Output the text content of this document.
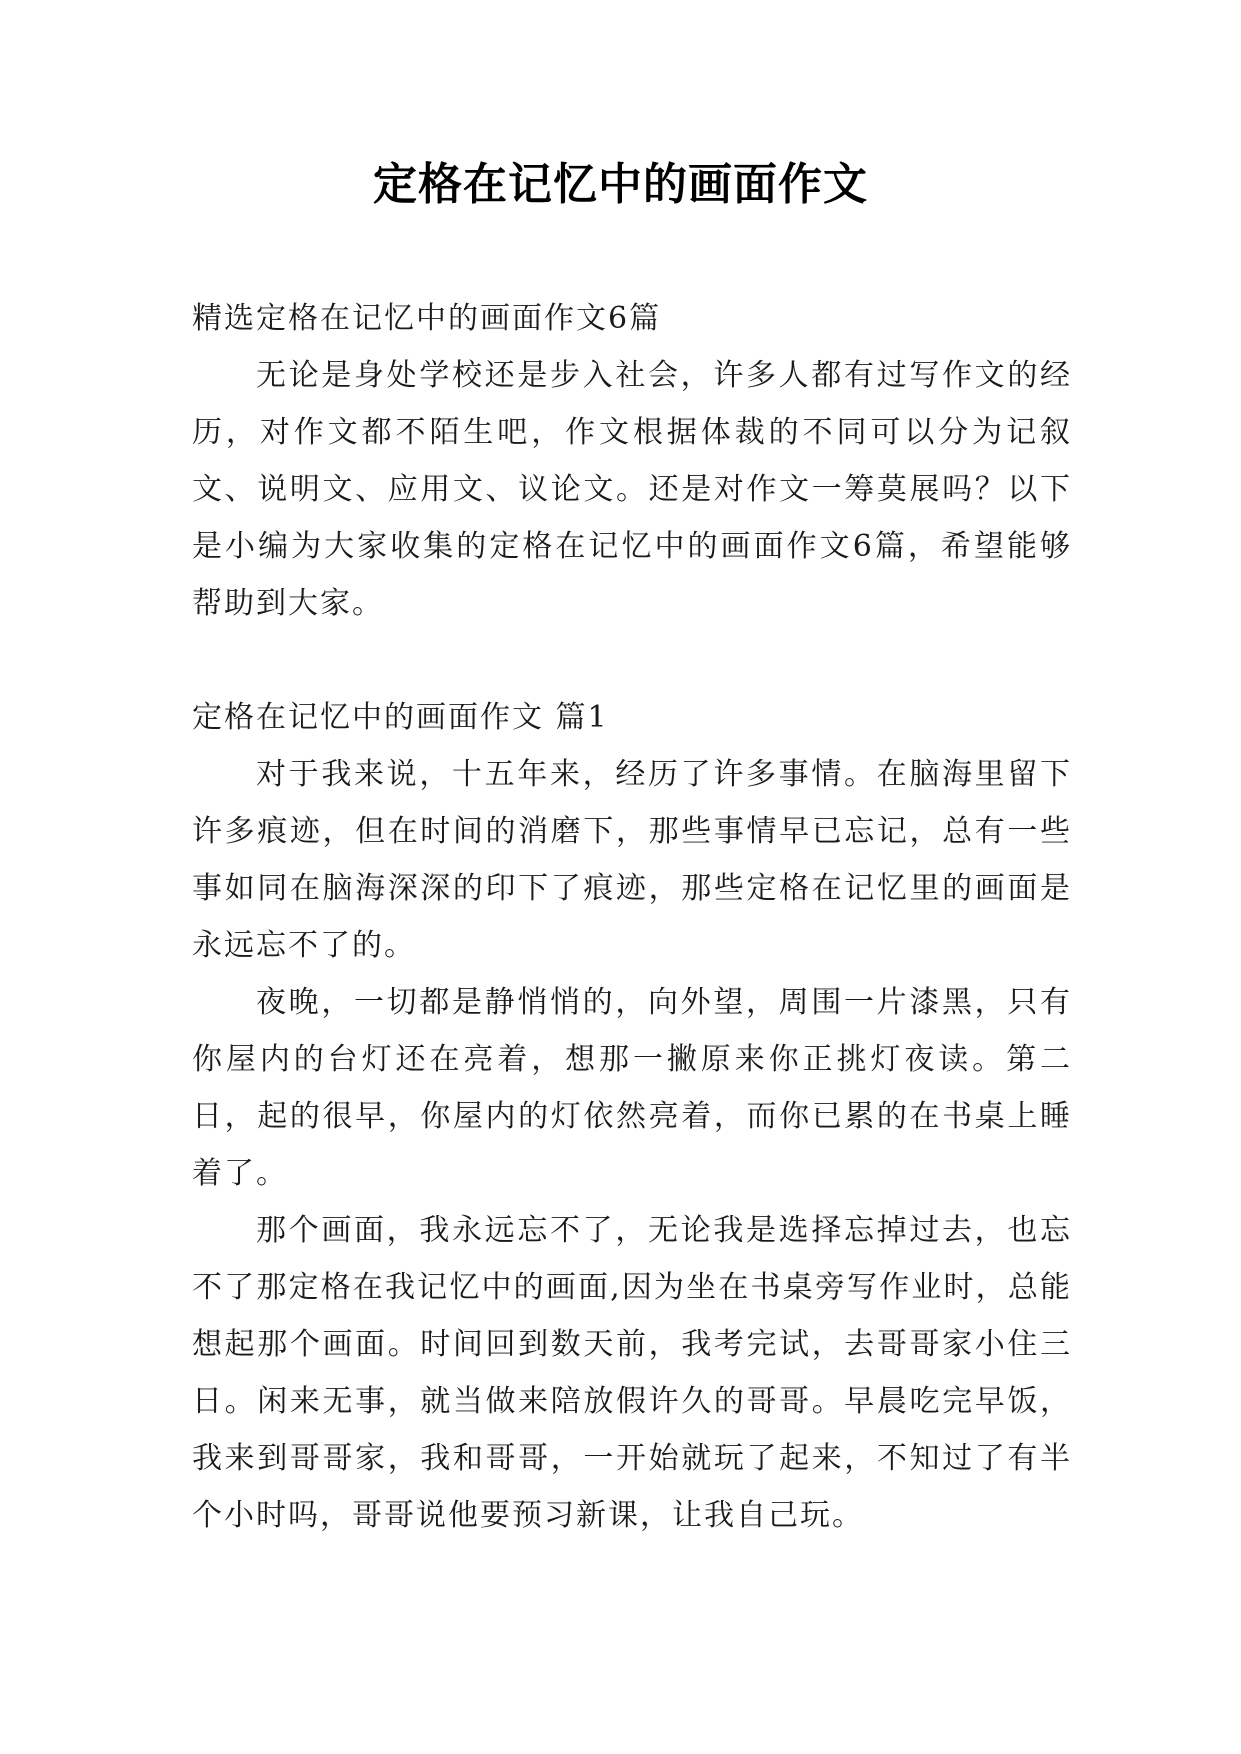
定格在记忆中的画面作文

精选定格在记忆中的画面作文6篇

无论是身处学校还是步入社会，许多人都有过写作文的经历，对作文都不陌生吧，作文根据体裁的不同可以分为记叙文、说明文、应用文、议论文。还是对作文一筹莫展吗？以下是小编为大家收集的定格在记忆中的画面作文6篇，希望能够帮助到大家。

定格在记忆中的画面作文 篇1

对于我来说，十五年来，经历了许多事情。在脑海里留下许多痕迹，但在时间的消磨下，那些事情早已忘记，总有一些事如同在脑海深深的印下了痕迹，那些定格在记忆里的画面是永远忘不了的。

夜晚，一切都是静悄悄的，向外望，周围一片漆黑，只有你屋内的台灯还在亮着，想那一撇原来你正挑灯夜读。第二日，起的很早，你屋内的灯依然亮着，而你已累的在书桌上睡着了。

那个画面，我永远忘不了，无论我是选择忘掉过去，也忘不了那定格在我记忆中的画面,因为坐在书桌旁写作业时，总能想起那个画面。时间回到数天前，我考完试，去哥哥家小住三日。闲来无事，就当做来陪放假许久的哥哥。早晨吃完早饭，我来到哥哥家，我和哥哥，一开始就玩了起来，不知过了有半个小时吗，哥哥说他要预习新课，让我自己玩。
